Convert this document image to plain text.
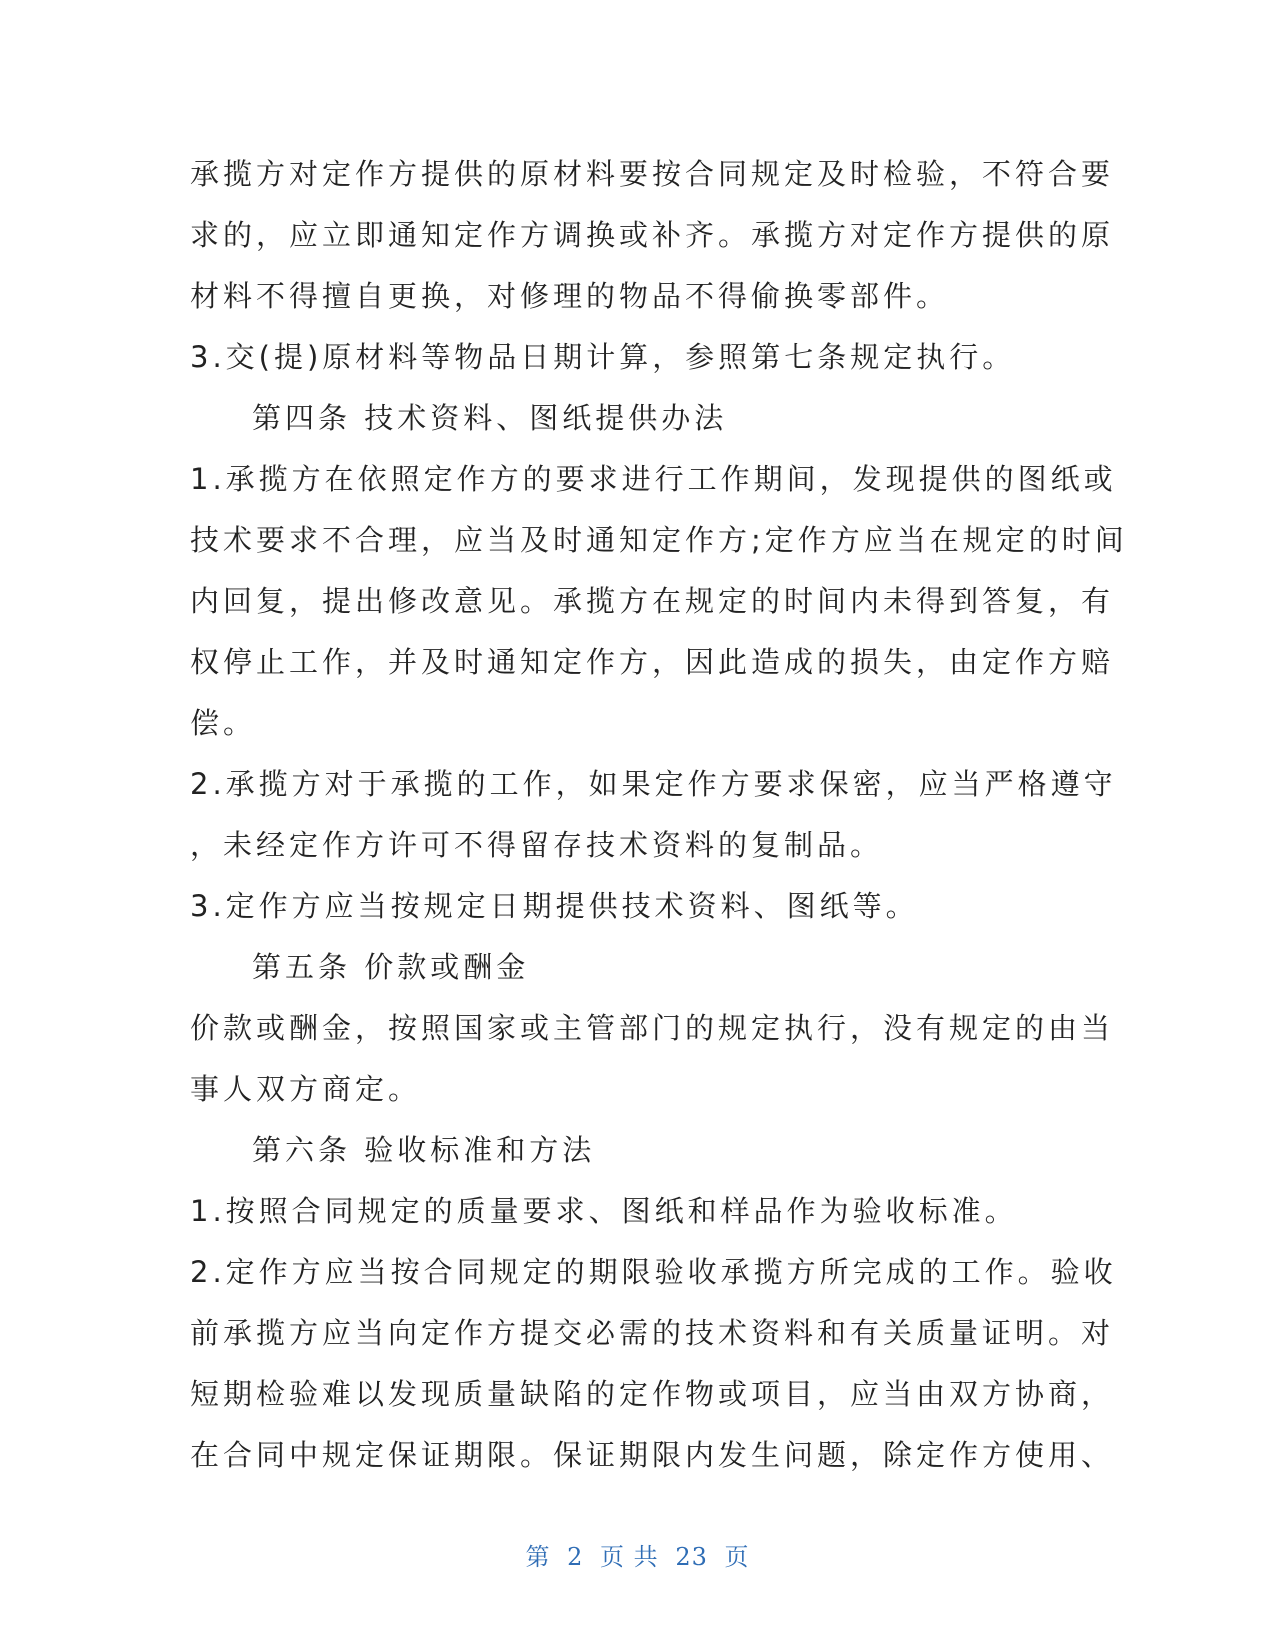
承揽方对定作方提供的原材料要按合同规定及时检验，不符合要
求的，应立即通知定作方调换或补齐。承揽方对定作方提供的原
材料不得擅自更换，对修理的物品不得偷换零部件。
3.交(提)原材料等物品日期计算，参照第七条规定执行。
第四条 技术资料、图纸提供办法
1.承揽方在依照定作方的要求进行工作期间，发现提供的图纸或
技术要求不合理，应当及时通知定作方;定作方应当在规定的时间
内回复，提出修改意见。承揽方在规定的时间内未得到答复，有
权停止工作，并及时通知定作方，因此造成的损失，由定作方赔
偿。
2.承揽方对于承揽的工作，如果定作方要求保密，应当严格遵守
，未经定作方许可不得留存技术资料的复制品。
3.定作方应当按规定日期提供技术资料、图纸等。
第五条 价款或酬金
价款或酬金，按照国家或主管部门的规定执行，没有规定的由当
事人双方商定。
第六条 验收标准和方法
1.按照合同规定的质量要求、图纸和样品作为验收标准。
2.定作方应当按合同规定的期限验收承揽方所完成的工作。验收
前承揽方应当向定作方提交必需的技术资料和有关质量证明。对
短期检验难以发现质量缺陷的定作物或项目，应当由双方协商，
在合同中规定保证期限。保证期限内发生问题，除定作方使用、
第 2 页 共 23 页
